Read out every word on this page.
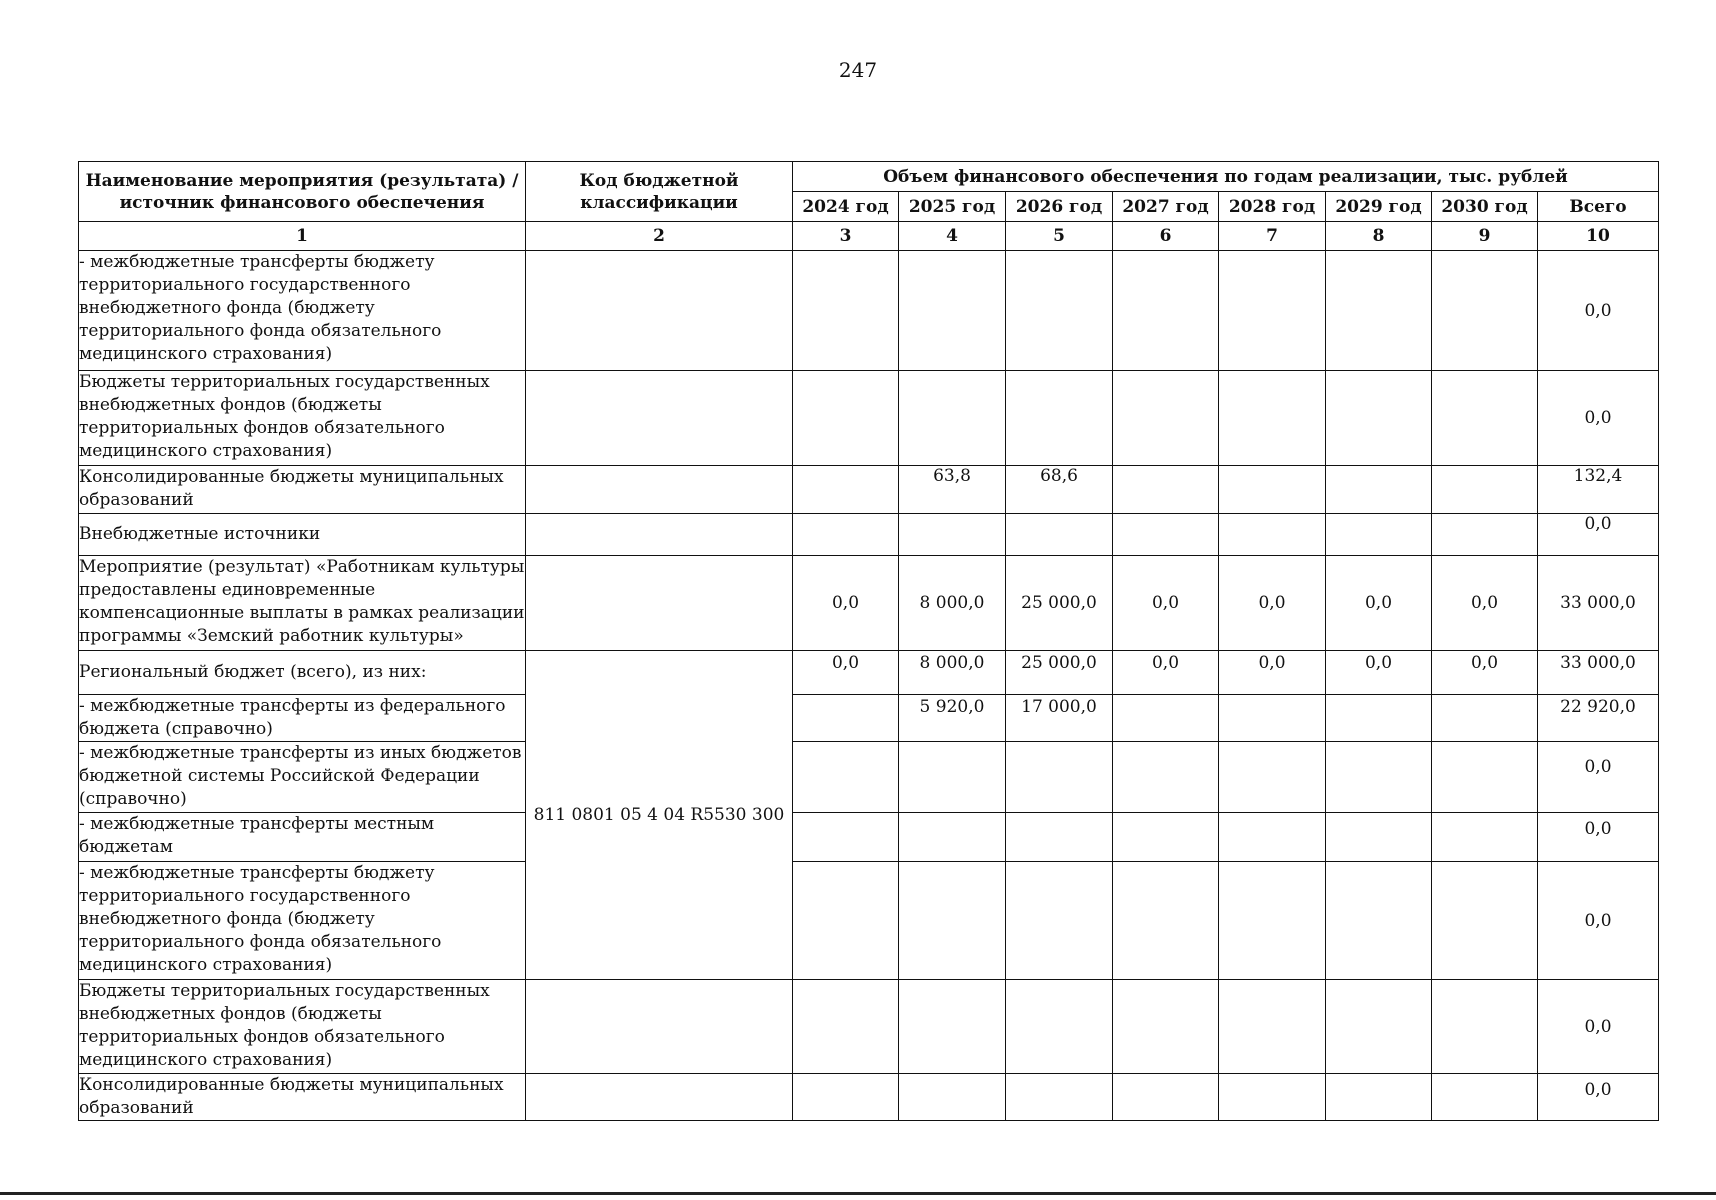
247
Наименование мероприятия (результата) / источник финансового обеспечения	Код бюджетной классификации	Объем финансового обеспечения по годам реализации, тыс. рублей							
		2024 год	2025 год	2026 год	2027 год	2028 год	2029 год	2030 год	Всего
1	2	3	4	5	6	7	8	9	10
- межбюджетные трансферты бюджету территориального государственного внебюджетного фонда (бюджету территориального фонда обязательного медицинского страхования)									0,0
Бюджеты территориальных государственных внебюджетных фондов (бюджеты территориальных фондов обязательного медицинского страхования)									0,0
Консолидированные бюджеты муниципальных образований			63,8	68,6					132,4
Внебюджетные источники									0,0
Мероприятие (результат) «Работникам культуры предоставлены единовременные компенсационные выплаты в рамках реализации программы «Земский работник культуры»		0,0	8 000,0	25 000,0	0,0	0,0	0,0	0,0	33 000,0
Региональный бюджет (всего), из них:	811 0801 05 4 04 R5530 300	0,0	8 000,0	25 000,0	0,0	0,0	0,0	0,0	33 000,0
- межбюджетные трансферты из федерального бюджета (справочно)			5 920,0	17 000,0					22 920,0
- межбюджетные трансферты из иных бюджетов бюджетной системы Российской Федерации (справочно)									0,0
- межбюджетные трансферты местным бюджетам									0,0
- межбюджетные трансферты бюджету территориального государственного внебюджетного фонда (бюджету территориального фонда обязательного медицинского страхования)									0,0
Бюджеты территориальных государственных внебюджетных фондов (бюджеты территориальных фондов обязательного медицинского страхования)									0,0
Консолидированные бюджеты муниципальных образований									0,0
